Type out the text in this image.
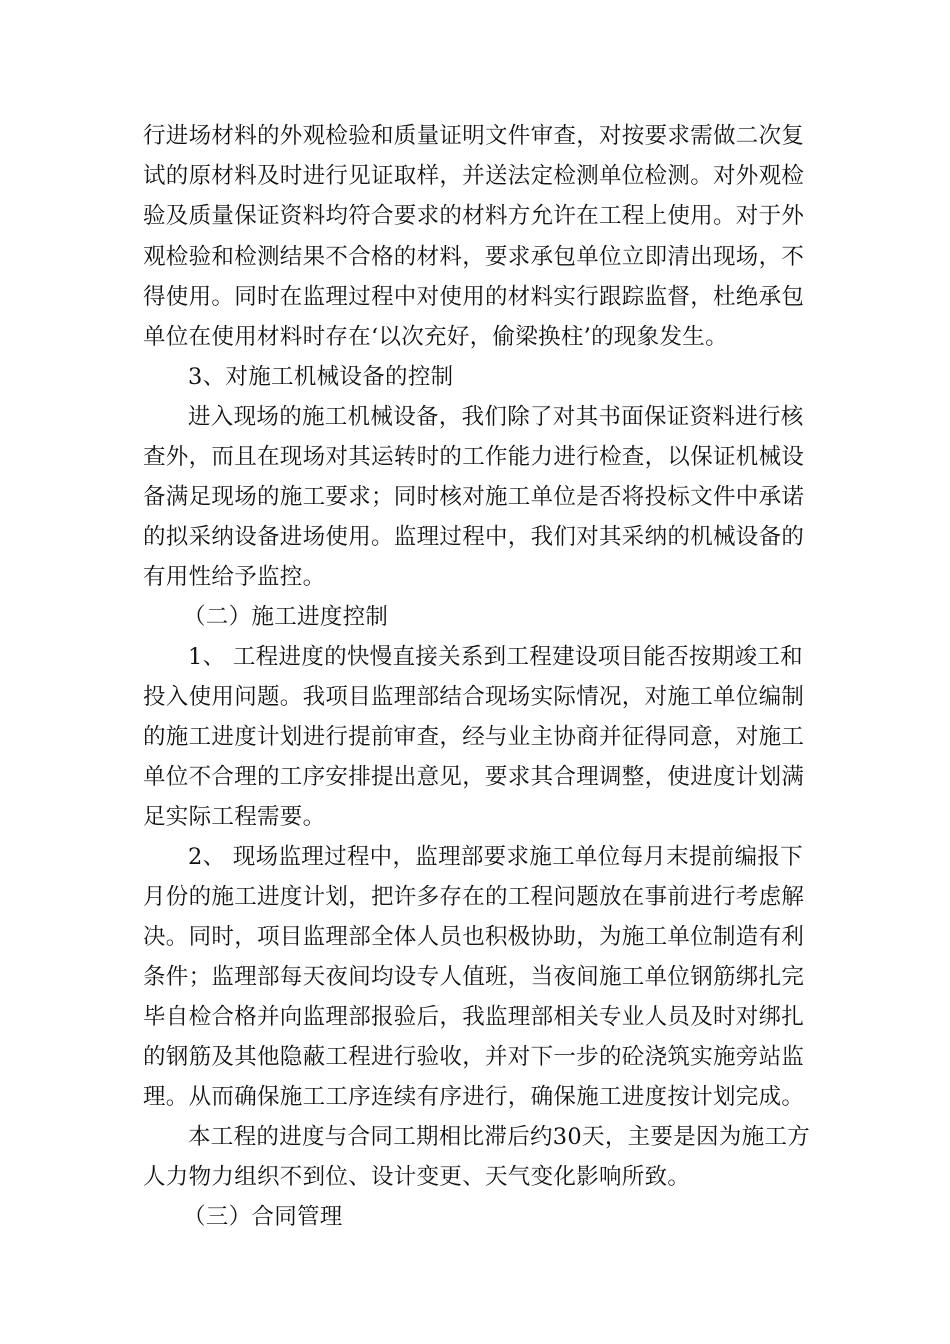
行进场材料的外观检验和质量证明文件审查，对按要求需做二次复
试的原材料及时进行见证取样，并送法定检测单位检测。对外观检
验及质量保证资料均符合要求的材料方允许在工程上使用。对于外
观检验和检测结果不合格的材料，要求承包单位立即清出现场，不
得使用。同时在监理过程中对使用的材料实行跟踪监督，杜绝承包
单位在使用材料时存在‘以次充好，偷梁换柱’的现象发生。
3、对施工机械设备的控制
进入现场的施工机械设备，我们除了对其书面保证资料进行核
查外，而且在现场对其运转时的工作能力进行检查，以保证机械设
备满足现场的施工要求；同时核对施工单位是否将投标文件中承诺
的拟采纳设备进场使用。监理过程中，我们对其采纳的机械设备的
有用性给予监控。
（二）施工进度控制
1、 工程进度的快慢直接关系到工程建设项目能否按期竣工和
投入使用问题。我项目监理部结合现场实际情况，对施工单位编制
的施工进度计划进行提前审查，经与业主协商并征得同意，对施工
单位不合理的工序安排提出意见，要求其合理调整，使进度计划满
足实际工程需要。
2、 现场监理过程中，监理部要求施工单位每月末提前编报下
月份的施工进度计划，把许多存在的工程问题放在事前进行考虑解
决。同时，项目监理部全体人员也积极协助，为施工单位制造有利
条件；监理部每天夜间均设专人值班，当夜间施工单位钢筋绑扎完
毕自检合格并向监理部报验后，我监理部相关专业人员及时对绑扎
的钢筋及其他隐蔽工程进行验收，并对下一步的砼浇筑实施旁站监
理。从而确保施工工序连续有序进行，确保施工进度按计划完成。
本工程的进度与合同工期相比滞后约30天，主要是因为施工方
人力物力组织不到位、设计变更、天气变化影响所致。
（三）合同管理
